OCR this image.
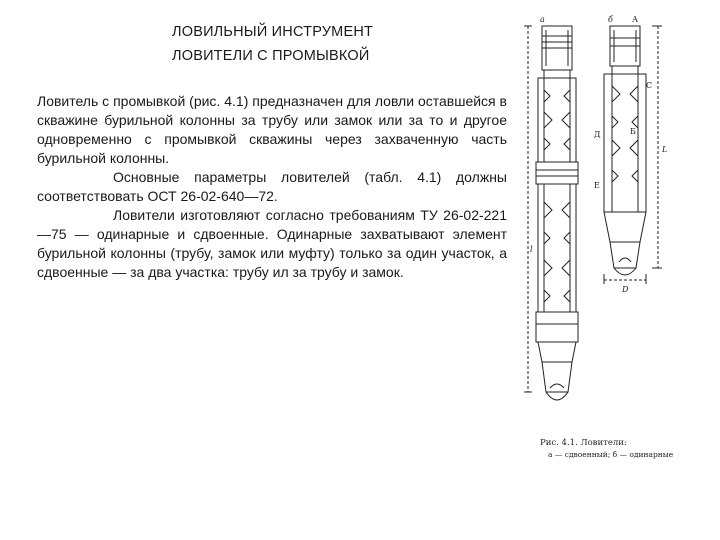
ЛОВИЛЬНЫЙ ИНСТРУМЕНТ
ЛОВИТЕЛИ С ПРОМЫВКОЙ

Ловитель с промывкой (рис. 4.1) предназначен для ловли оставшейся в скважине бурильной колонны за трубу или замок или за то и другое одновременно с промывкой скважины через захваченную часть бурильной колонны.

Основные параметры ловителей (табл. 4.1) должны соответствовать ОСТ 26-02-640—72.

Ловители изготовляют согласно требованиям ТУ 26-02-221—75 — одинарные и сдвоенные. Одинарные захватывают элемент бурильной колонны (трубу, замок или муфту) только за один участок, а сдвоенные — за два участка: трубу ил за трубу и замок.

а	б А
С
Д	Б
Е
L
l
D
Рис. 4.1. Ловители:
а — сдвоенный; б — одинарные
